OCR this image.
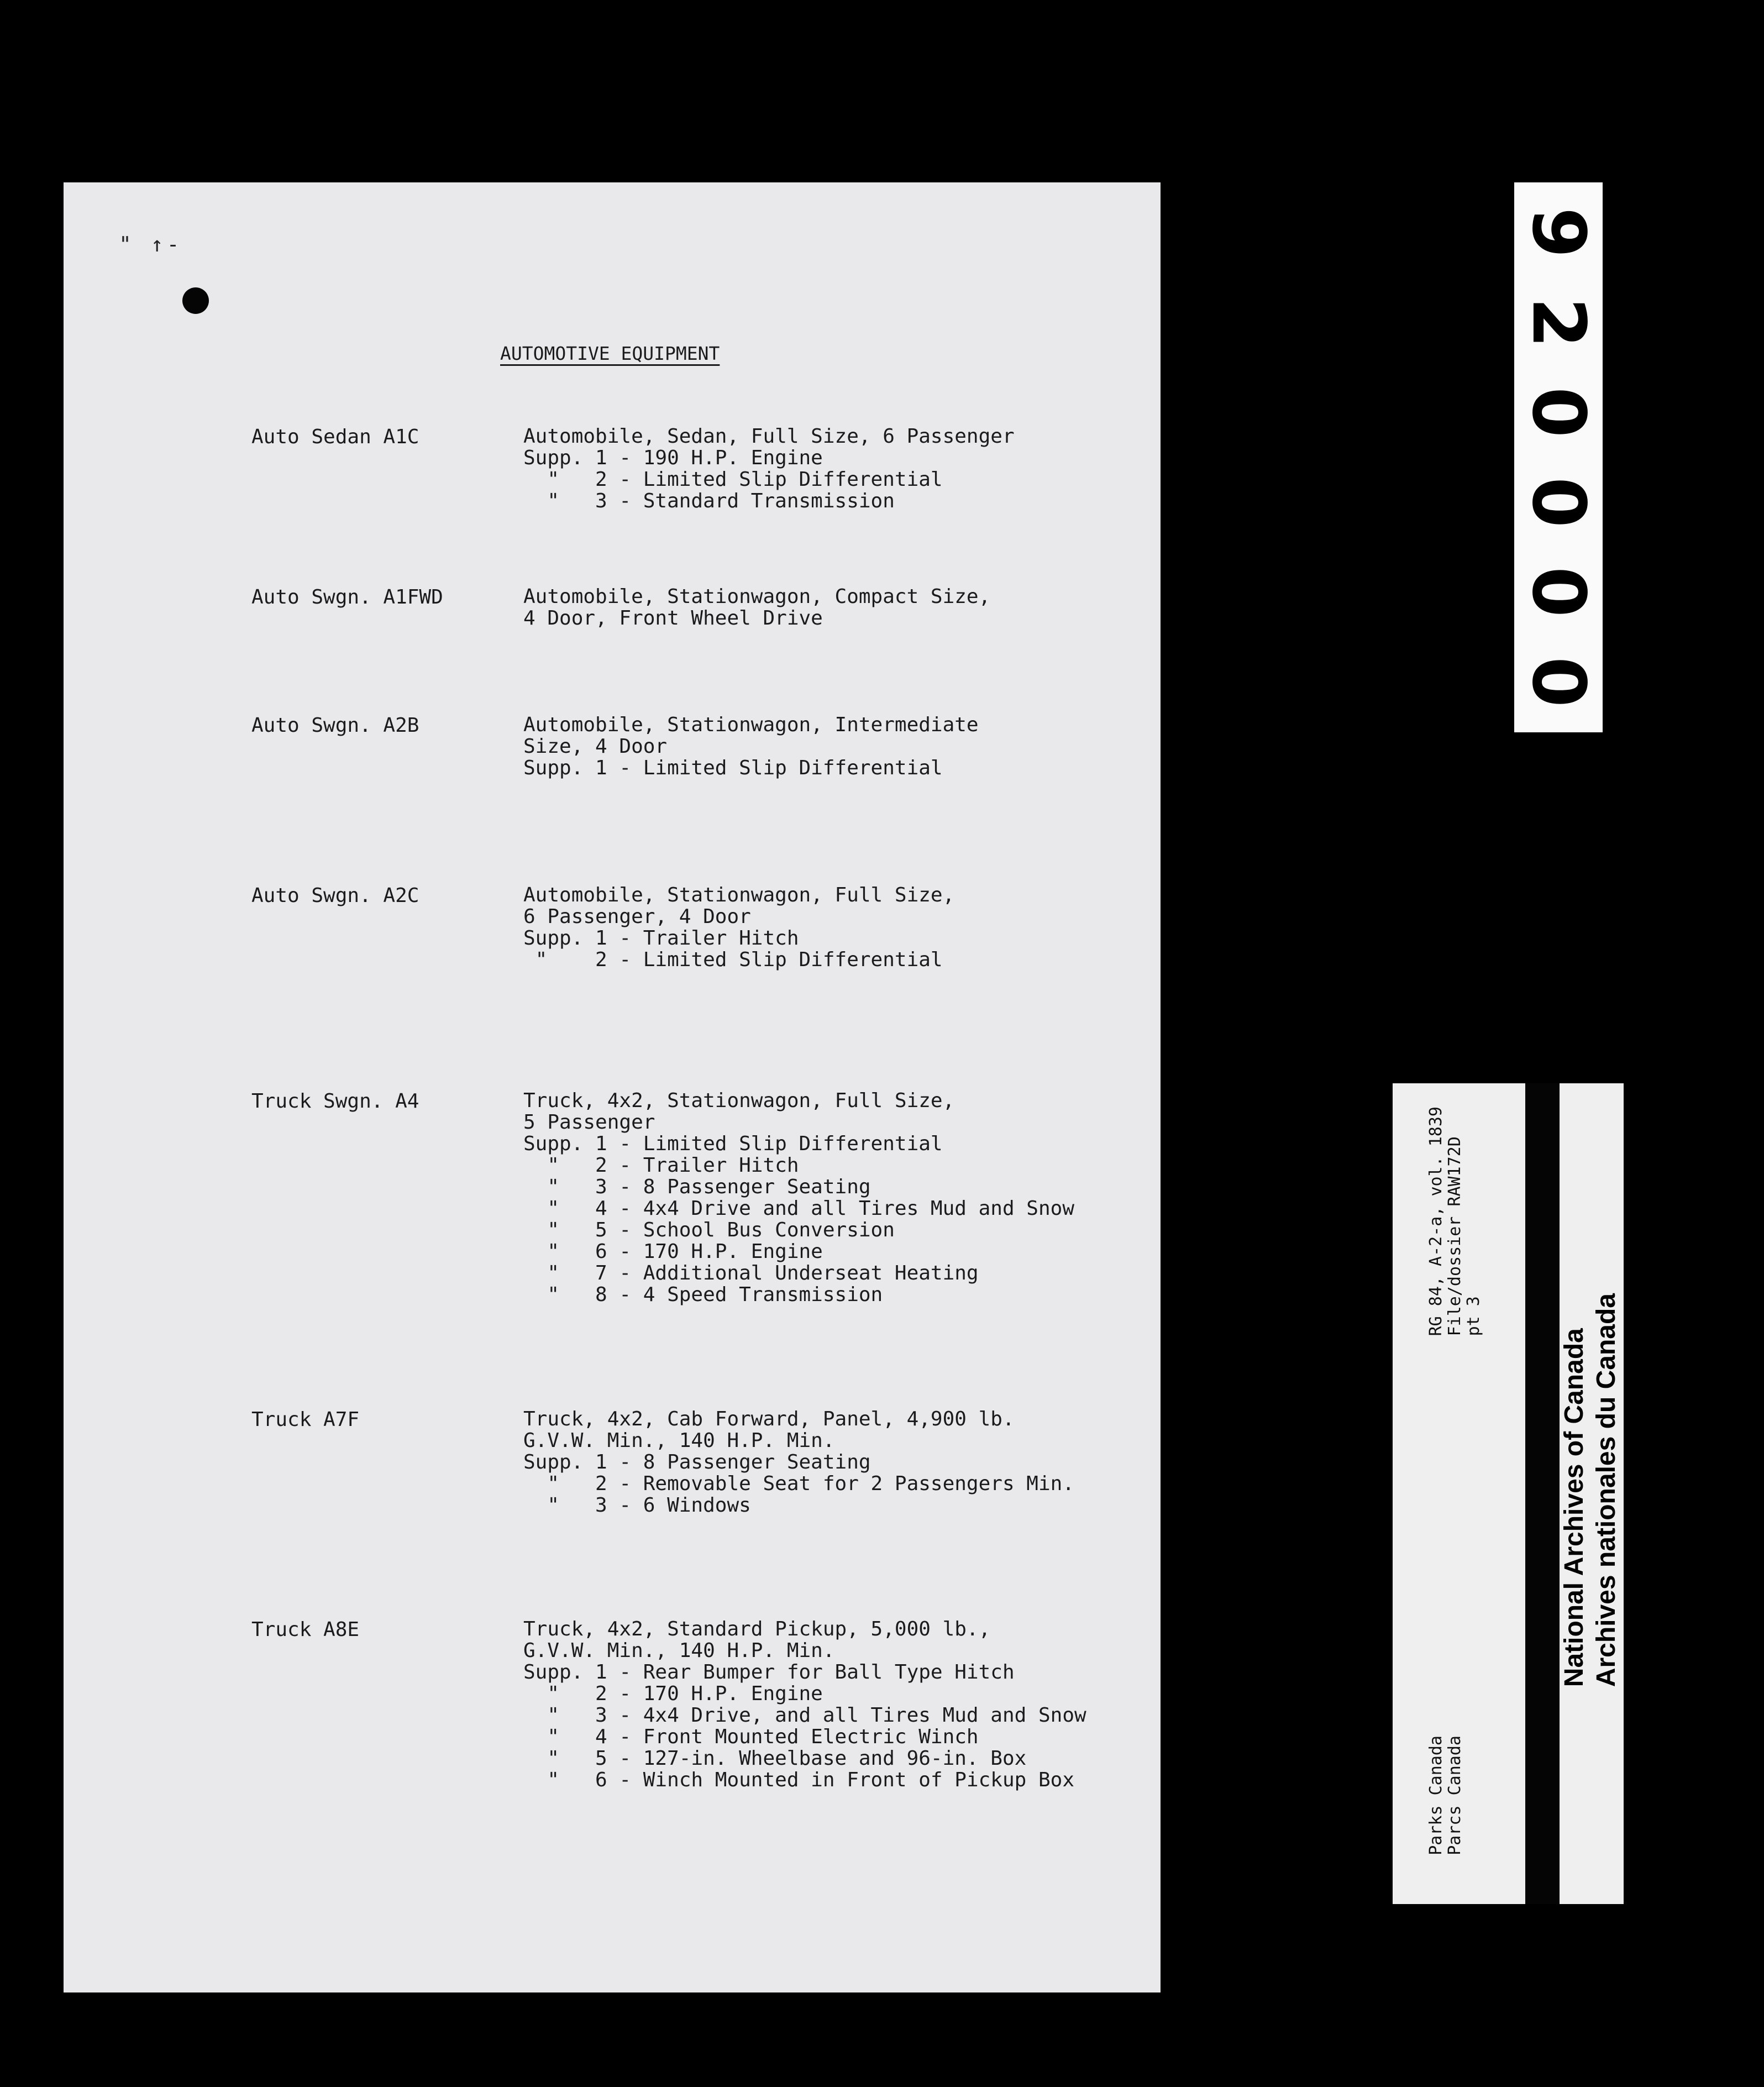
" ↑-
AUTOMOTIVE EQUIPMENT
Auto Sedan A1C	Automobile, Sedan, Full Size, 6 Passenger
Supp. 1 - 190 H.P. Engine
"   2 - Limited Slip Differential
"   3 - Standard Transmission
Auto Swgn. A1FWD	Automobile, Stationwagon, Compact Size,
4 Door, Front Wheel Drive
Auto Swgn. A2B	Automobile, Stationwagon, Intermediate
Size, 4 Door
Supp. 1 - Limited Slip Differential
Auto Swgn. A2C	Automobile, Stationwagon, Full Size,
6 Passenger, 4 Door
Supp. 1 - Trailer Hitch
"    2 - Limited Slip Differential
Truck Swgn. A4	Truck, 4x2, Stationwagon, Full Size,
5 Passenger
Supp. 1 - Limited Slip Differential
"   2 - Trailer Hitch
"   3 - 8 Passenger Seating
"   4 - 4x4 Drive and all Tires Mud and Snow
"   5 - School Bus Conversion
"   6 - 170 H.P. Engine
"   7 - Additional Underseat Heating
"   8 - 4 Speed Transmission
Truck A7F	Truck, 4x2, Cab Forward, Panel, 4,900 lb.
G.V.W. Min., 140 H.P. Min.
Supp. 1 - 8 Passenger Seating
"   2 - Removable Seat for 2 Passengers Min.
"   3 - 6 Windows
Truck A8E	Truck, 4x2, Standard Pickup, 5,000 lb.,
G.V.W. Min., 140 H.P. Min.
Supp. 1 - Rear Bumper for Ball Type Hitch
"   2 - 170 H.P. Engine
"   3 - 4x4 Drive, and all Tires Mud and Snow
"   4 - Front Mounted Electric Winch
"   5 - 127-in. Wheelbase and 96-in. Box
"   6 - Winch Mounted in Front of Pickup Box
9
2
0
0
0
0
RG 84, A-2-a, vol. 1839
File/dossier RAW172D
pt 3
Parks Canada
Parcs Canada
National Archives of Canada Archives nationales du Canada
